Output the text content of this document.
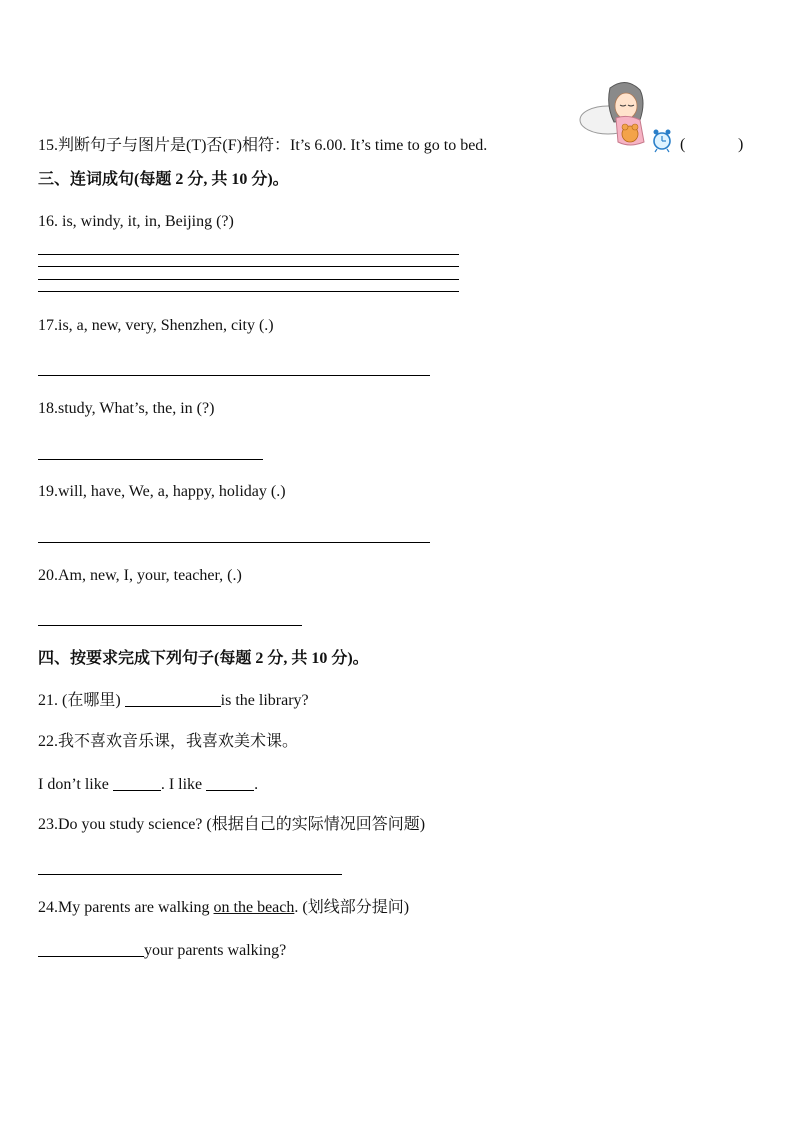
15.判断句子与图片是(T)否(F)相符：It’s 6.00. It’s time to go to bed.	(	)
三、连词成句(每题 2 分, 共 10 分)。
16. is, windy, it, in, Beijing (?)
17.is, a, new, very, Shenzhen, city (.)
18.study, What’s, the, in (?)
19.will, have, We, a, happy, holiday (.)
20.Am, new, I, your, teacher, (.)
四、按要求完成下列句子(每题 2 分, 共 10 分)。
21. (在哪里)	is the library?
22.我不喜欢音乐课，我喜欢美术课。
I don’t like	. I like	.
23.Do you study science? (根据自己的实际情况回答问题)
24.My parents are walking on the beach. (划线部分提问)
your parents walking?
